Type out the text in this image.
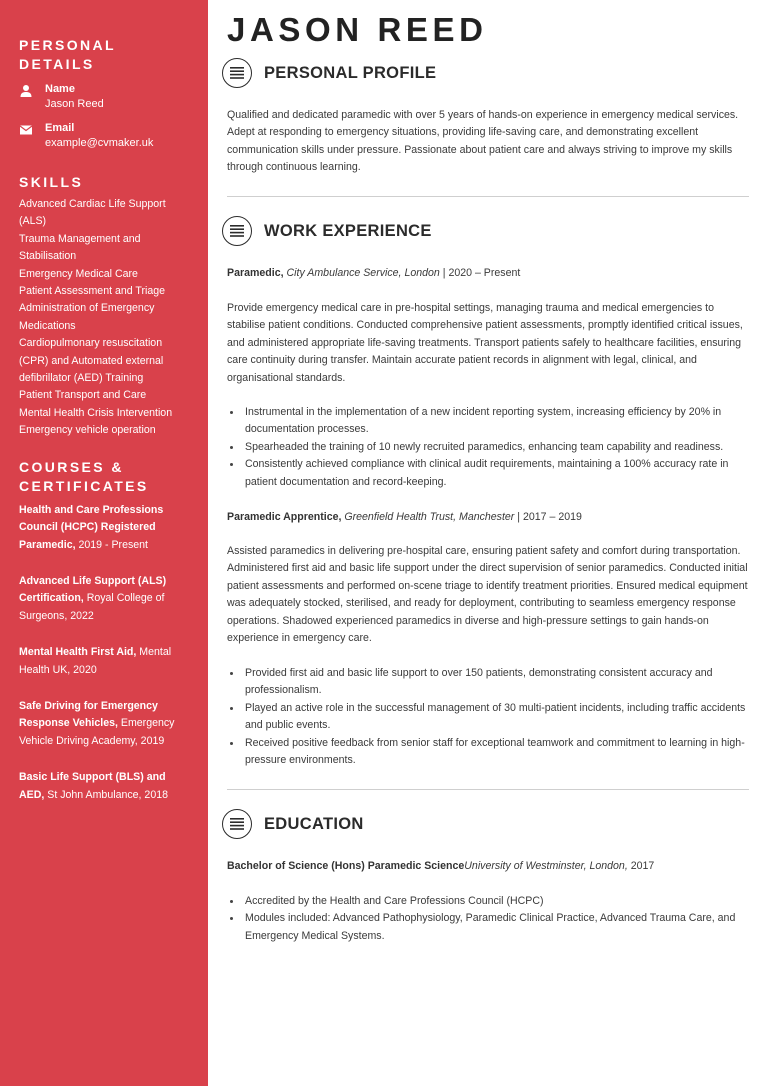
PERSONAL DETAILS
Name
Jason Reed
Email
example@cvmaker.uk
SKILLS
Advanced Cardiac Life Support
(ALS)
Trauma Management and
Stabilisation
Emergency Medical Care
Patient Assessment and Triage
Administration of Emergency
Medications
Cardiopulmonary resuscitation
(CPR) and Automated external
defibrillator (AED) Training
Patient Transport and Care
Mental Health Crisis Intervention
Emergency vehicle operation
COURSES & CERTIFICATES
Health and Care Professions Council (HCPC) Registered Paramedic, 2019 - Present
Advanced Life Support (ALS) Certification, Royal College of Surgeons, 2022
Mental Health First Aid, Mental Health UK, 2020
Safe Driving for Emergency Response Vehicles, Emergency Vehicle Driving Academy, 2019
Basic Life Support (BLS) and AED, St John Ambulance, 2018
JASON REED
PERSONAL PROFILE

Qualified and dedicated paramedic with over 5 years of hands-on experience in emergency medical services. Adept at responding to emergency situations, providing life-saving care, and demonstrating excellent communication skills under pressure. Passionate about patient care and always striving to improve my skills through continuous learning.

WORK EXPERIENCE
Paramedic, City Ambulance Service, London | 2020 – Present

Provide emergency medical care in pre-hospital settings, managing trauma and medical emergencies to stabilise patient conditions. Conducted comprehensive patient assessments, promptly identified critical issues, and administered appropriate life-saving treatments. Transport patients safely to healthcare facilities, ensuring care continuity during transfer. Maintain accurate patient records in alignment with legal, clinical, and organisational standards.

Instrumental in the implementation of a new incident reporting system, increasing efficiency by 20% in documentation processes.
Spearheaded the training of 10 newly recruited paramedics, enhancing team capability and readiness.
Consistently achieved compliance with clinical audit requirements, maintaining a 100% accuracy rate in patient documentation and record-keeping.
Paramedic Apprentice, Greenfield Health Trust, Manchester | 2017 – 2019

Assisted paramedics in delivering pre-hospital care, ensuring patient safety and comfort during transportation. Administered first aid and basic life support under the direct supervision of senior paramedics. Conducted initial patient assessments and performed on-scene triage to identify treatment priorities. Ensured medical equipment was adequately stocked, sterilised, and ready for deployment, contributing to seamless emergency response operations. Shadowed experienced paramedics in diverse and high-pressure settings to gain hands-on experience in emergency care.

Provided first aid and basic life support to over 150 patients, demonstrating consistent accuracy and professionalism.
Played an active role in the successful management of 30 multi-patient incidents, including traffic accidents and public events.
Received positive feedback from senior staff for exceptional teamwork and commitment to learning in high-pressure environments.
EDUCATION
Bachelor of Science (Hons) Paramedic ScienceUniversity of Westminster, London, 2017
Accredited by the Health and Care Professions Council (HCPC)
Modules included: Advanced Pathophysiology, Paramedic Clinical Practice, Advanced Trauma Care, and Emergency Medical Systems.
